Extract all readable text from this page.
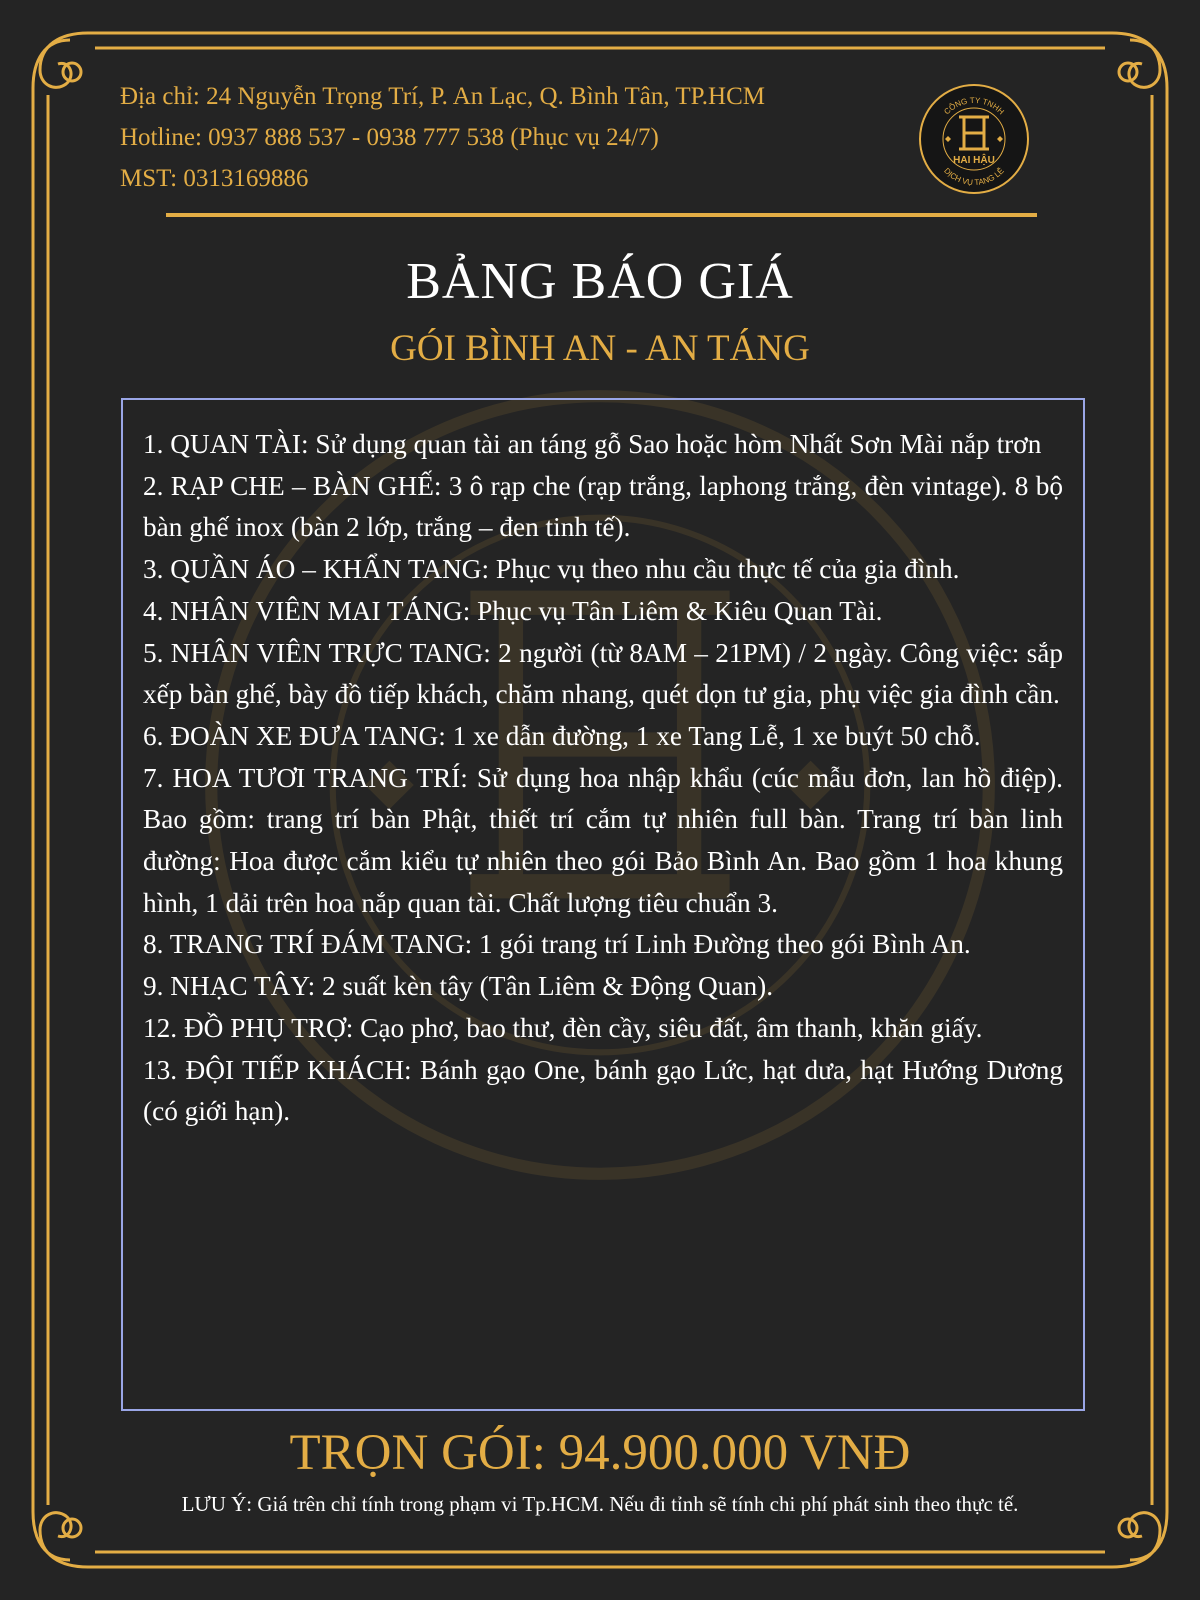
Địa chỉ: 24 Nguyễn Trọng Trí, P. An Lạc, Q. Bình Tân, TP.HCM
Hotline: 0937 888 537 - 0938 777 538 (Phục vụ 24/7)
MST: 0313169886
CÔNG TY TNHH
DỊCH VỤ TANG LỄ
HAI HẬU
BẢNG BÁO GIÁ
GÓI BÌNH AN - AN TÁNG
1. QUAN TÀI: Sử dụng quan tài an táng gỗ Sao hoặc hòm Nhất Sơn Mài nắp trơn
2. RẠP CHE – BÀN GHẾ: 3 ô rạp che (rạp trắng, laphong trắng, đèn vintage). 8 bộ bàn ghế inox (bàn 2 lớp, trắng – đen tinh tế).
3. QUẦN ÁO – KHẨN TANG: Phục vụ theo nhu cầu thực tế của gia đình.
4. NHÂN VIÊN MAI TÁNG: Phục vụ Tân Liêm & Kiêu Quan Tài.
5. NHÂN VIÊN TRỰC TANG: 2 người (từ 8AM – 21PM) / 2 ngày. Công việc: sắp xếp bàn ghế, bày đồ tiếp khách, chăm nhang, quét dọn tư gia, phụ việc gia đình cần.
6. ĐOÀN XE ĐƯA TANG: 1 xe dẫn đường, 1 xe Tang Lễ, 1 xe buýt 50 chỗ.
7. HOA TƯƠI TRANG TRÍ: Sử dụng hoa nhập khẩu (cúc mẫu đơn, lan hồ điệp). Bao gồm: trang trí bàn Phật, thiết trí cắm tự nhiên full bàn. Trang trí bàn linh đường: Hoa được cắm kiểu tự nhiên theo gói Bảo Bình An. Bao gồm 1 hoa khung hình, 1 dải trên hoa nắp quan tài. Chất lượng tiêu chuẩn 3.
8. TRANG TRÍ ĐÁM TANG: 1 gói trang trí Linh Đường theo gói Bình An.
9. NHẠC TÂY: 2 suất kèn tây (Tân Liêm & Động Quan).
12. ĐỒ PHỤ TRỢ: Cạo phơ, bao thư, đèn cầy, siêu đất, âm thanh, khăn giấy.
13. ĐỘI TIẾP KHÁCH: Bánh gạo One, bánh gạo Lức, hạt dưa, hạt Hướng Dương (có giới hạn).
TRỌN GÓI: 94.900.000 VNĐ
LƯU Ý: Giá trên chỉ tính trong phạm vi Tp.HCM. Nếu đi tỉnh sẽ tính chi phí phát sinh theo thực tế.
